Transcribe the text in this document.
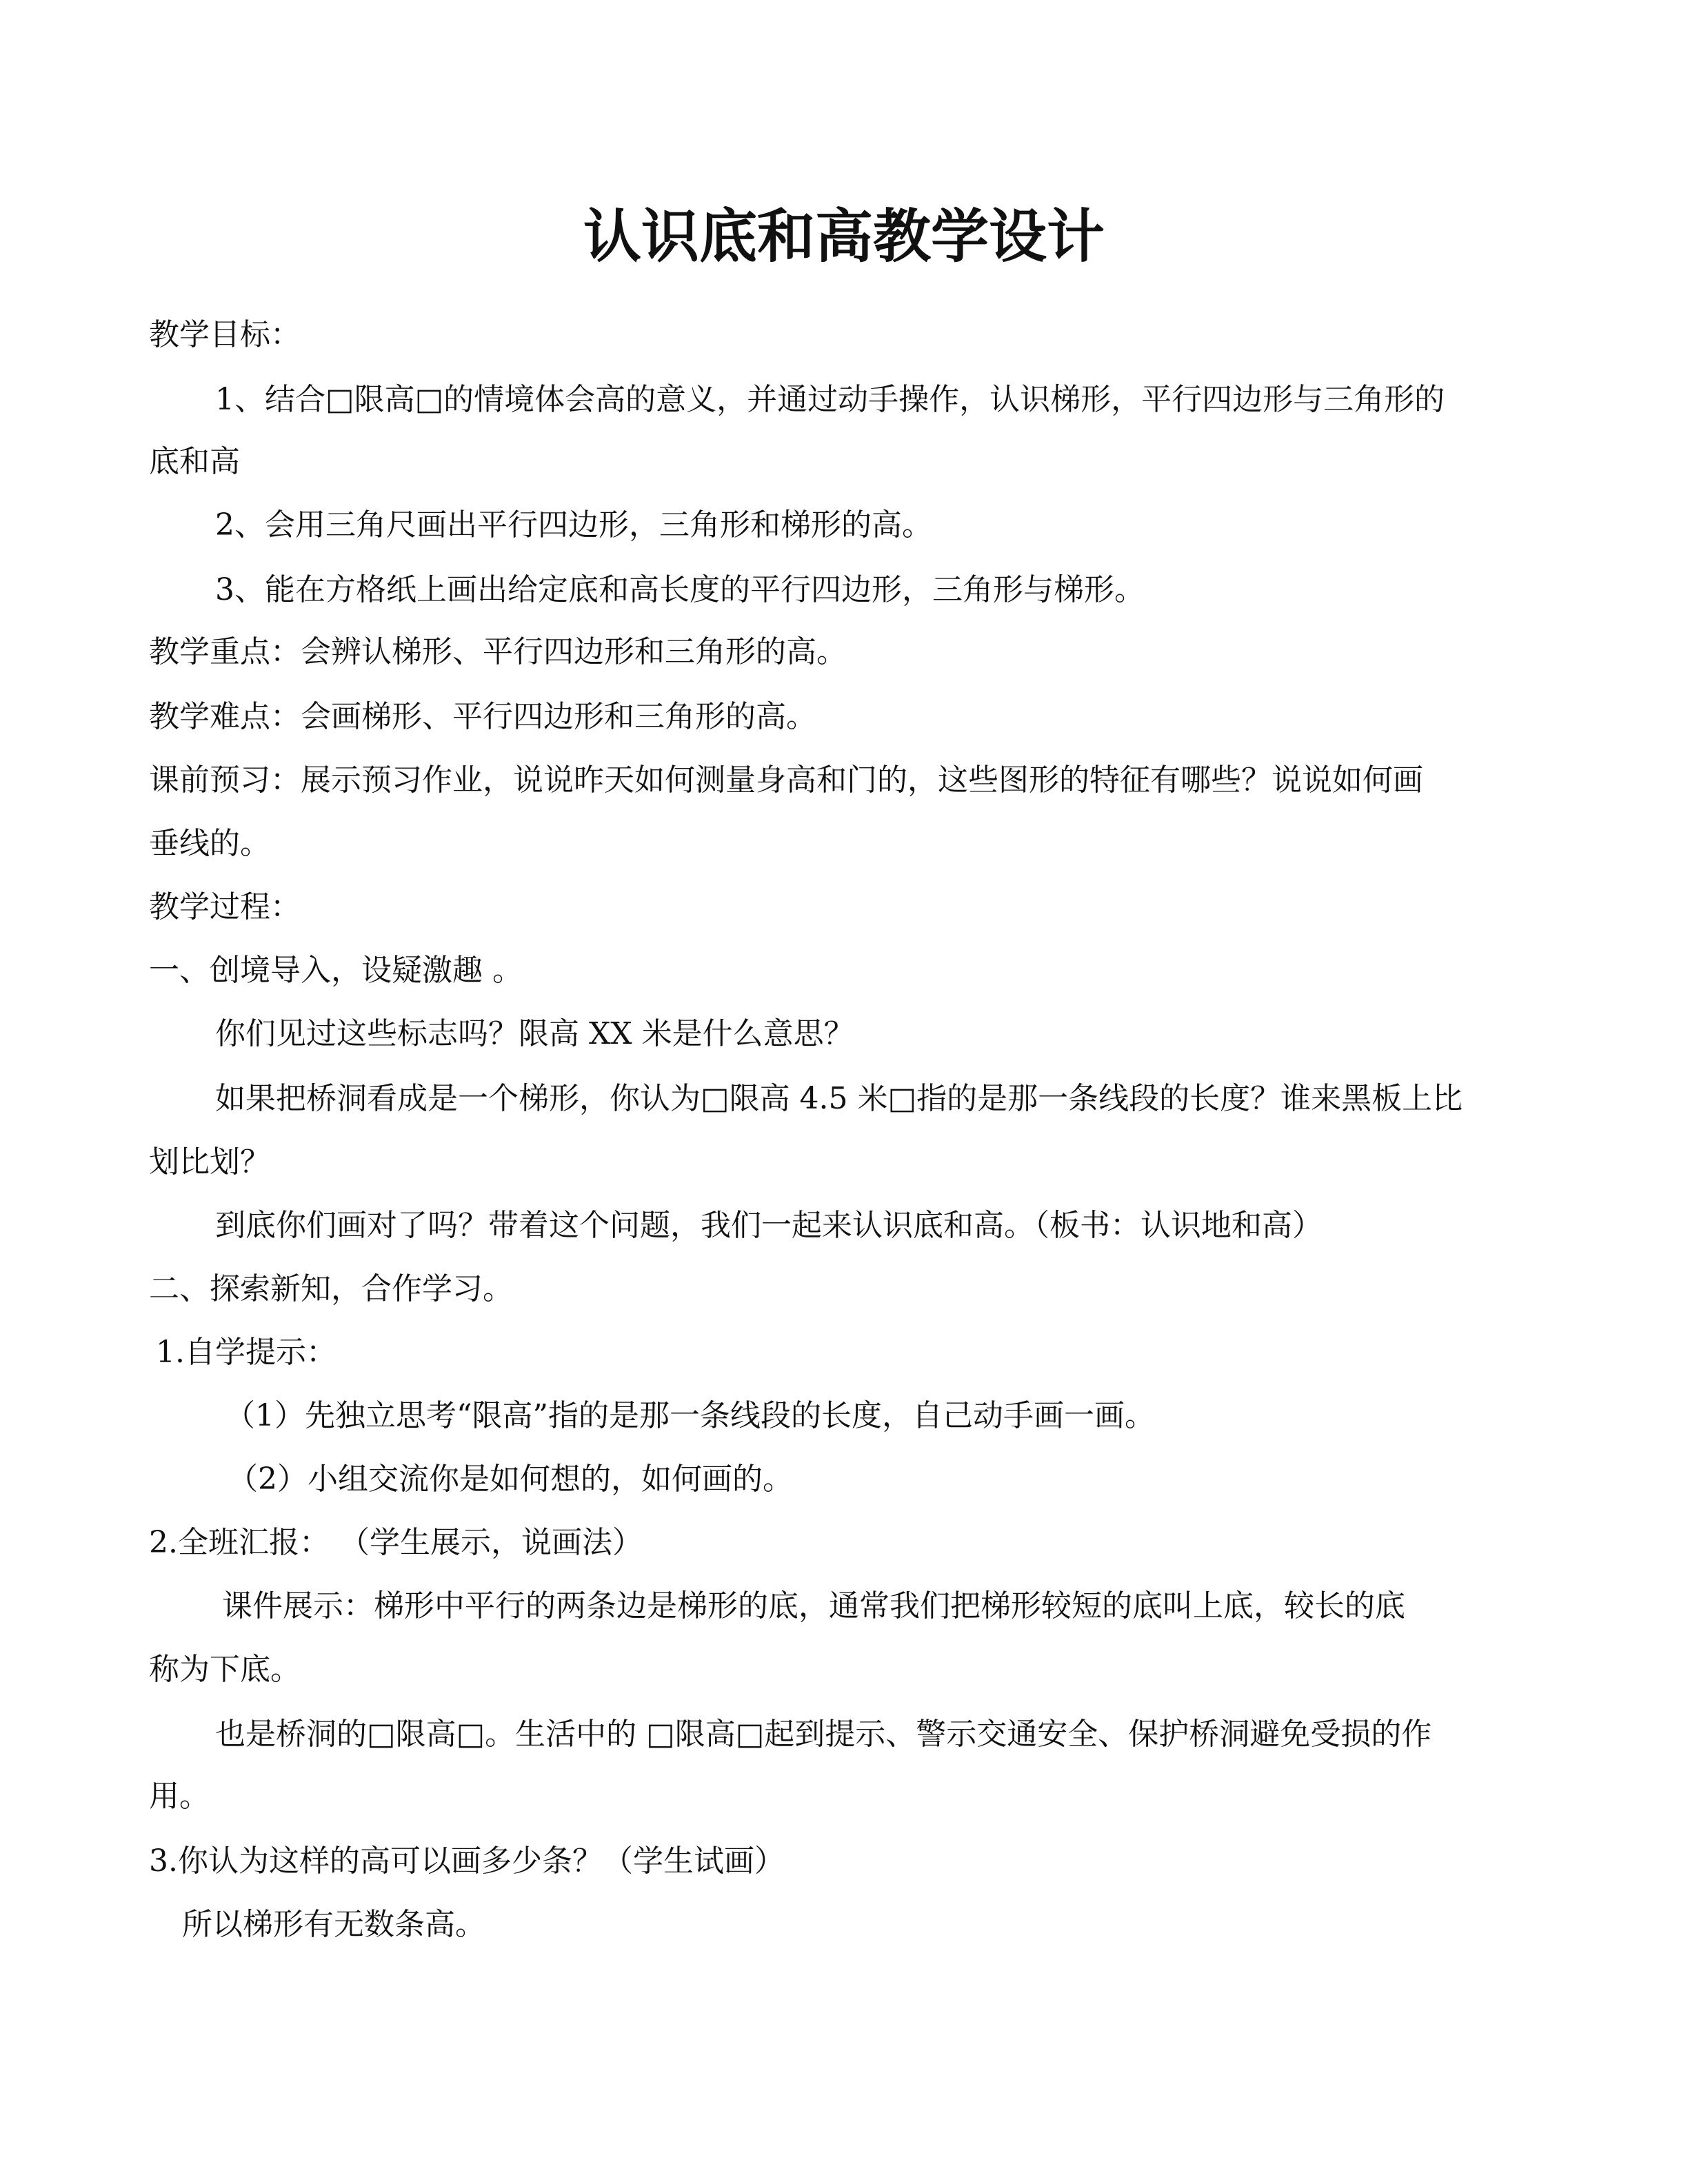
认识底和高教学设计
教学目标：
1、结合□限高□的情境体会高的意义，并通过动手操作，认识梯形，平行四边形与三角形的
底和高
2、会用三角尺画出平行四边形，三角形和梯形的高。
3、能在方格纸上画出给定底和高长度的平行四边形，三角形与梯形。
教学重点：会辨认梯形、平行四边形和三角形的高。
教学难点：会画梯形、平行四边形和三角形的高。
课前预习：展示预习作业，说说昨天如何测量身高和门的，这些图形的特征有哪些？说说如何画
垂线的。
教学过程：
一、创境导入，设疑激趣 。
你们见过这些标志吗？限高 XX 米是什么意思？
如果把桥洞看成是一个梯形，你认为□限高 4.5 米□指的是那一条线段的长度？谁来黑板上比
划比划？
到底你们画对了吗？带着这个问题，我们一起来认识底和高。（板书：认识地和高）
二、探索新知，合作学习。
1.自学提示：
（1）先独立思考“限高”指的是那一条线段的长度，自己动手画一画。
（2）小组交流你是如何想的，如何画的。
2.全班汇报： （学生展示，说画法）
课件展示：梯形中平行的两条边是梯形的底，通常我们把梯形较短的底叫上底，较长的底
称为下底。
也是桥洞的□限高□。生活中的 □限高□起到提示、警示交通安全、保护桥洞避免受损的作
用。
3.你认为这样的高可以画多少条？（学生试画）
所以梯形有无数条高。
